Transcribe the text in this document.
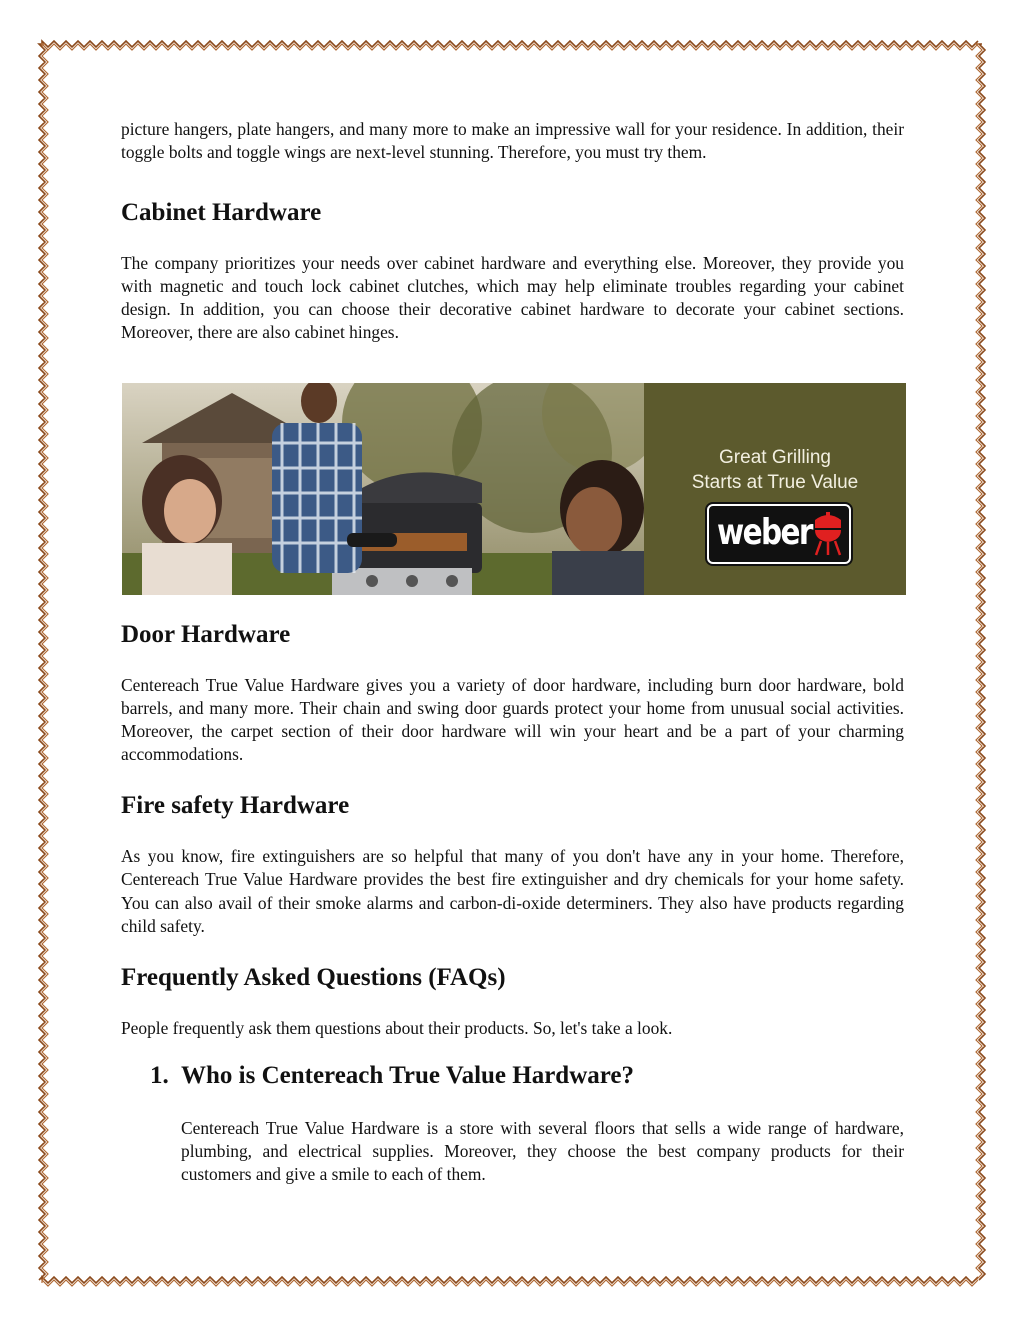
picture hangers, plate hangers, and many more to make an impressive wall for your residence. In addition, their toggle bolts and toggle wings are next-level stunning. Therefore, you must try them.

Cabinet Hardware

The company prioritizes your needs over cabinet hardware and everything else. Moreover, they provide you with magnetic and touch lock cabinet clutches, which may help eliminate troubles regarding your cabinet design. In addition, you can choose their decorative cabinet hardware to decorate your cabinet sections. Moreover, there are also cabinet hinges.

Great Grilling
Starts at True Value
weber
Door Hardware

Centereach True Value Hardware gives you a variety of door hardware, including burn door hardware, bold barrels, and many more. Their chain and swing door guards protect your home from unusual social activities. Moreover, the carpet section of their door hardware will win your heart and be a part of your charming accommodations.

Fire safety Hardware

As you know, fire extinguishers are so helpful that many of you don't have any in your home. Therefore, Centereach True Value Hardware provides the best fire extinguisher and dry chemicals for your home safety. You can also avail of their smoke alarms and carbon-di-oxide determiners. They also have products regarding child safety.

Frequently Asked Questions (FAQs)

People frequently ask them questions about their products. So, let's take a look.

1. Who is Centereach True Value Hardware?

Centereach True Value Hardware is a store with several floors that sells a wide range of hardware, plumbing, and electrical supplies. Moreover, they choose the best company products for their customers and give a smile to each of them.
